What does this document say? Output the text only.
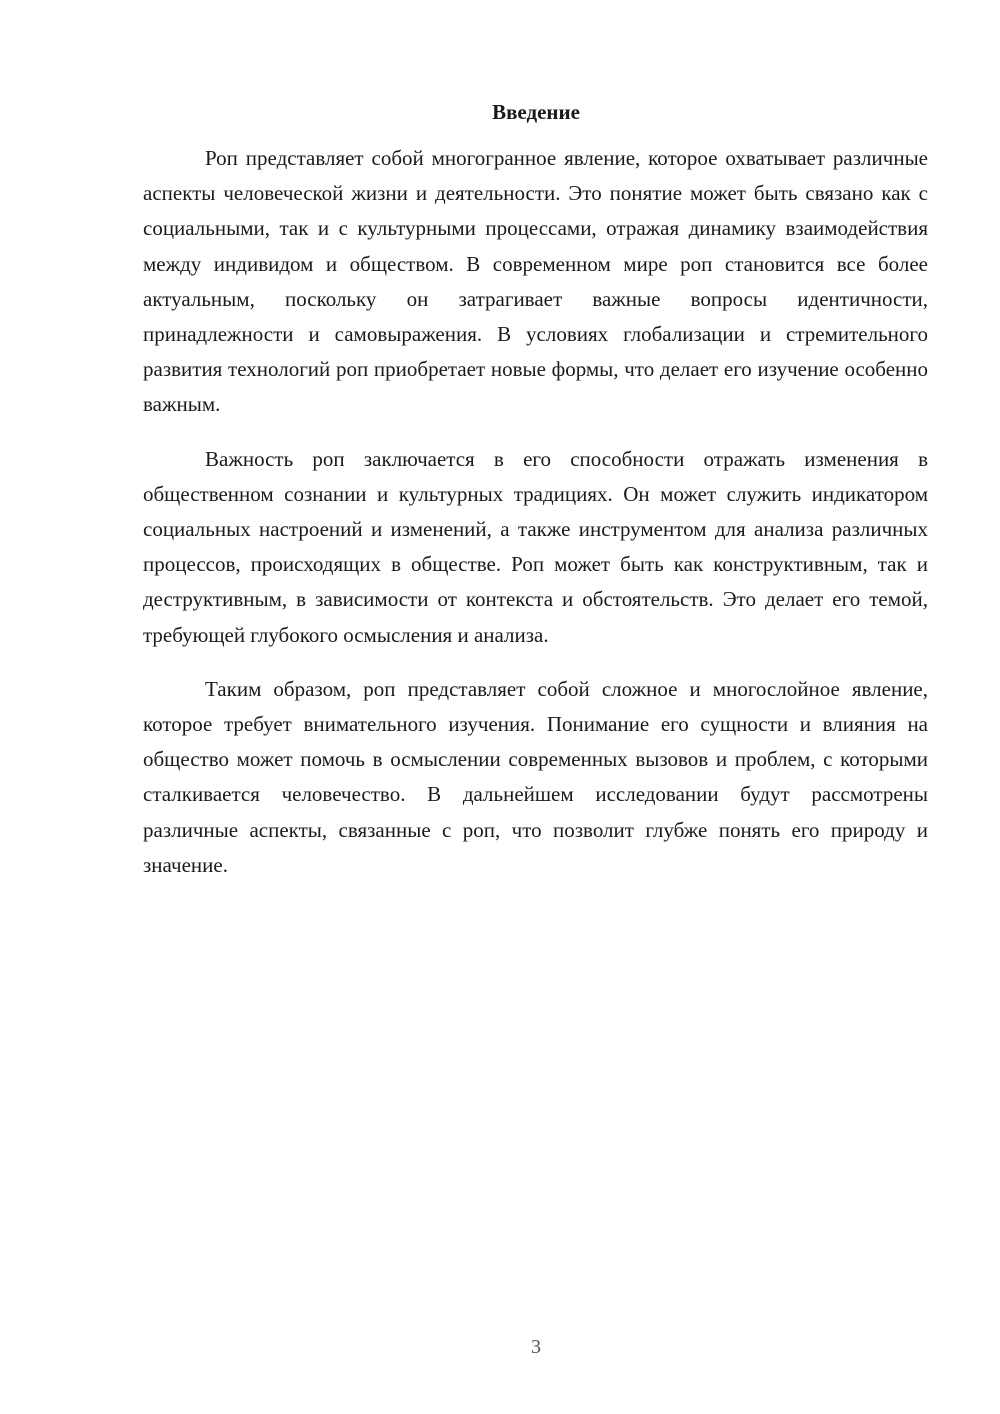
Введение

Роп представляет собой многогранное явление, которое охватывает различные аспекты человеческой жизни и деятельности. Это понятие может быть связано как с социальными, так и с культурными процессами, отражая динамику взаимодействия между индивидом и обществом. В современном мире роп становится все более актуальным, поскольку он затрагивает важные вопросы идентичности, принадлежности и самовыражения. В условиях глобализации и стремительного развития технологий роп приобретает новые формы, что делает его изучение особенно важным.

Важность роп заключается в его способности отражать изменения в общественном сознании и культурных традициях. Он может служить индикатором социальных настроений и изменений, а также инструментом для анализа различных процессов, происходящих в обществе. Роп может быть как конструктивным, так и деструктивным, в зависимости от контекста и обстоятельств. Это делает его темой, требующей глубокого осмысления и анализа.

Таким образом, роп представляет собой сложное и многослойное явление, которое требует внимательного изучения. Понимание его сущности и влияния на общество может помочь в осмыслении современных вызовов и проблем, с которыми сталкивается человечество. В дальнейшем исследовании будут рассмотрены различные аспекты, связанные с роп, что позволит глубже понять его природу и значение.

3
